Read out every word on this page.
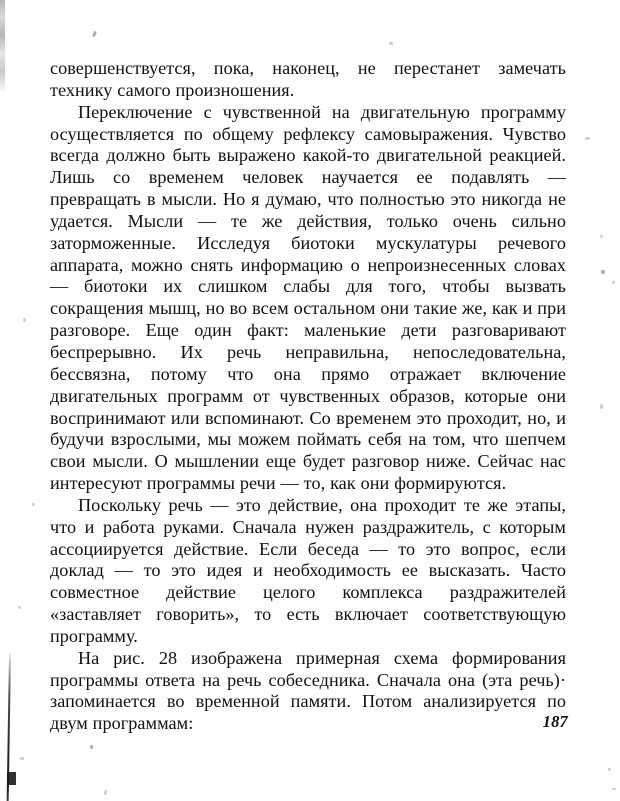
совершенствуется, пока, наконец, не перестанет замечать технику самого произношения.

Переключение с чувственной на двигательную программу осуществляется по общему рефлексу самовыражения. Чувство всегда должно быть выражено какой-то двигательной реакцией. Лишь со временем человек научается ее подавлять — превращать в мысли. Но я думаю, что полностью это никогда не удается. Мысли — те же действия, только очень сильно заторможенные. Исследуя биотоки мускулатуры речевого аппарата, можно снять информацию о непроизнесенных словах — биотоки их слишком слабы для того, чтобы вызвать сокращения мышц, но во всем остальном они такие же, как и при разговоре. Еще один факт: маленькие дети разговаривают беспрерывно. Их речь неправильна, непоследовательна, бессвязна, потому что она прямо отражает включение двигательных программ от чувственных образов, которые они воспринимают или вспоминают. Со временем это проходит, но, и будучи взрослыми, мы можем поймать себя на том, что шепчем свои мысли. О мышлении еще будет разговор ниже. Сейчас нас интересуют программы речи — то, как они формируются.

Поскольку речь — это действие, она проходит те же этапы, что и работа руками. Сначала нужен раздражитель, с которым ассоциируется действие. Если беседа — то это вопрос, если доклад — то это идея и необходимость ее высказать. Часто совместное действие целого комплекса раздражителей «заставляет говорить», то есть включает соответствующую программу.

На рис. 28 изображена примерная схема формирования программы ответа на речь собеседника. Сначала она (эта речь)· запоминается во временной памяти. Потом анализируется по двум программам:	187
